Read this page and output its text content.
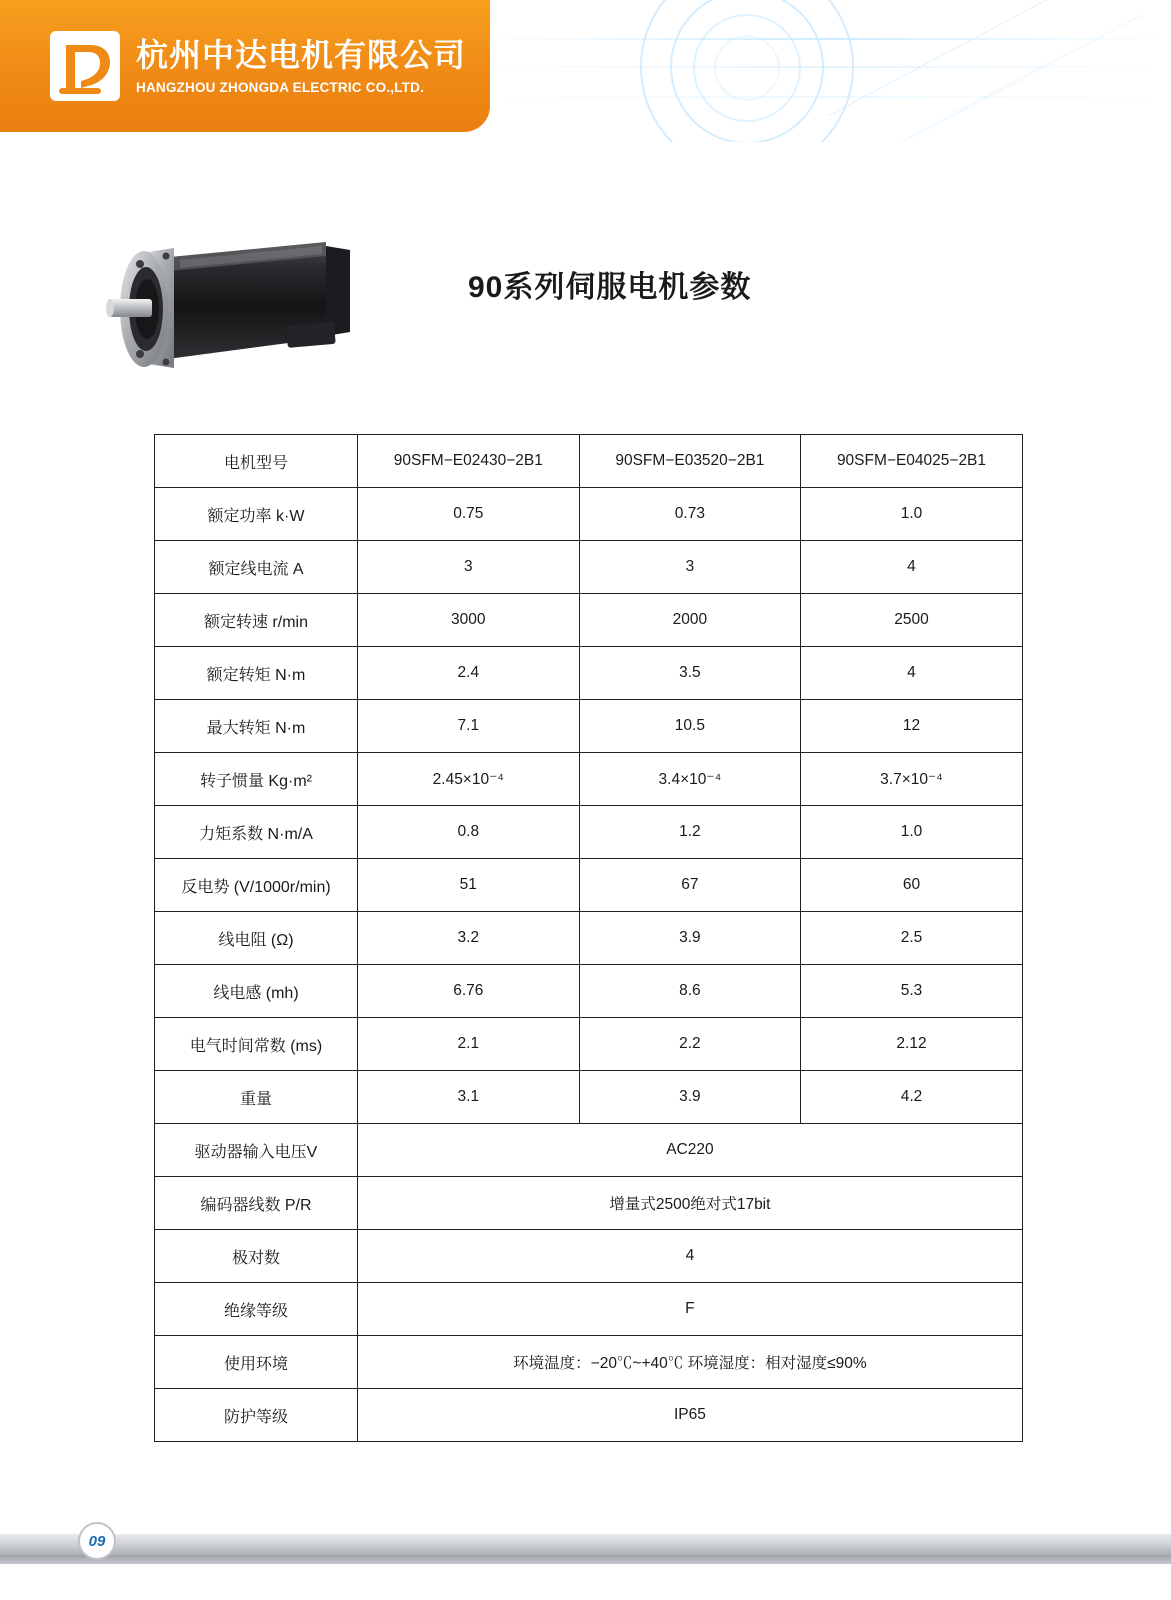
杭州中达电机有限公司
HANGZHOU ZHONGDA ELECTRIC CO.,LTD.
90系列伺服电机参数
电机型号	90SFM−E02430−2B1	90SFM−E03520−2B1	90SFM−E04025−2B1
额定功率 k·W	0.75	0.73	1.0
额定线电流 A	3	3	4
额定转速 r/min	3000	2000	2500
额定转矩 N·m	2.4	3.5	4
最大转矩 N·m	7.1	10.5	12
转子惯量 Kg·m²	2.45×10⁻⁴	3.4×10⁻⁴	3.7×10⁻⁴
力矩系数 N·m/A	0.8	1.2	1.0
反电势 (V/1000r/min)	51	67	60
线电阻 (Ω)	3.2	3.9	2.5
线电感 (mh)	6.76	8.6	5.3
电气时间常数 (ms)	2.1	2.2	2.12
重量	3.1	3.9	4.2
驱动器输入电压V	AC220		
编码器线数 P/R	增量式2500绝对式17bit		
极对数	4		
绝缘等级	F		
使用环境	环境温度：−20℃~+40℃ 环境湿度：相对湿度≤90%		
防护等级	IP65		
09
